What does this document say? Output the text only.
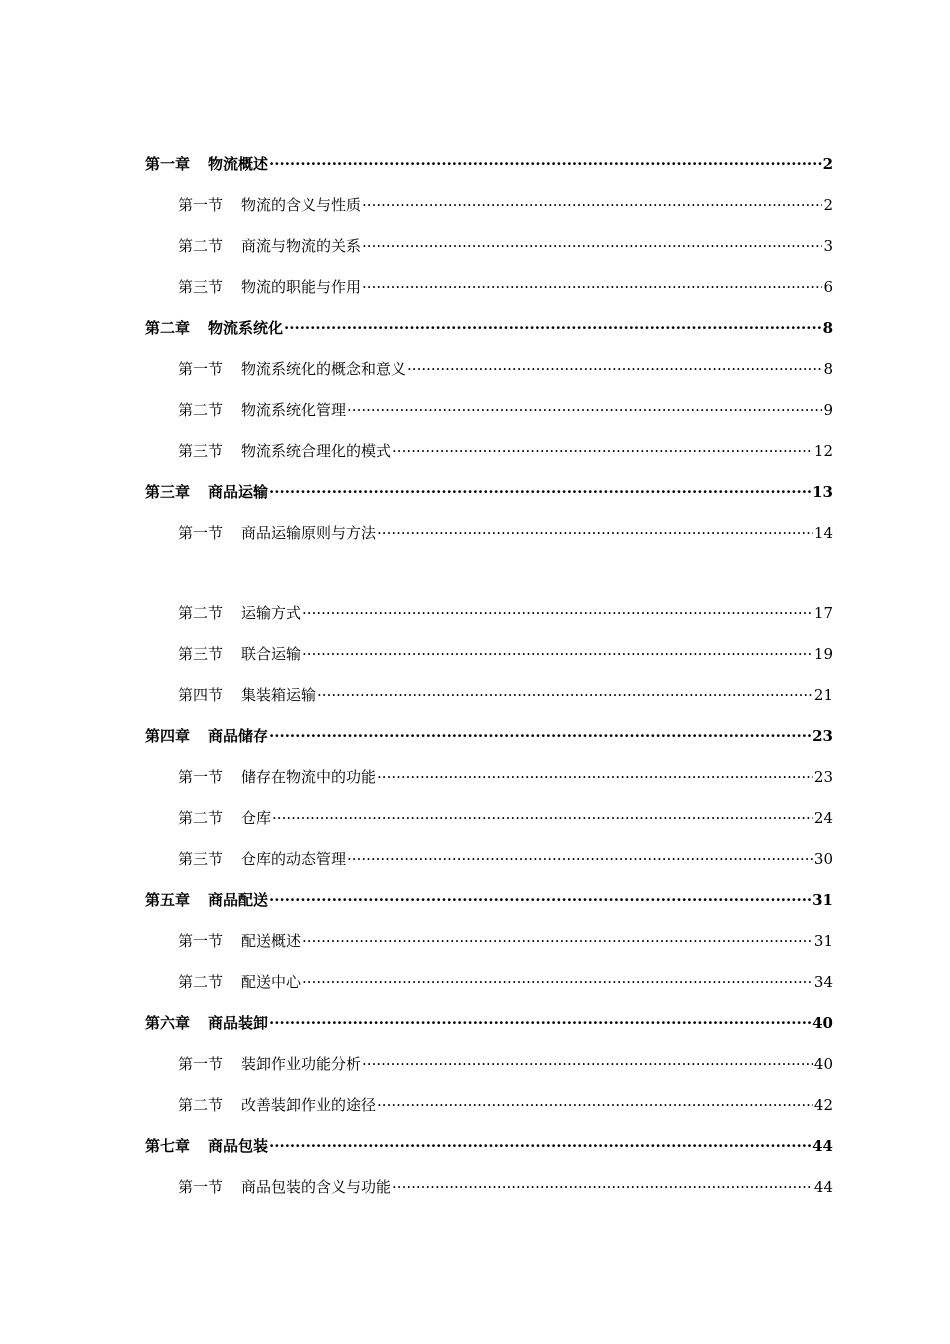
第一章 物流概述 ·····	2
第一节 物流的含义与性质 ·····	2
第二节 商流与物流的关系 ·····	3
第三节 物流的职能与作用 ·····	6
第二章 物流系统化 ·····	8
第一节 物流系统化的概念和意义 ·····	8
第二节 物流系统化管理 ·····	9
第三节 物流系统合理化的模式 ·····	12
第三章 商品运输 ·····	13
第一节 商品运输原则与方法 ·····	14
第二节 运输方式 ·····	17
第三节 联合运输 ·····	19
第四节 集装箱运输 ·····	21
第四章 商品储存 ·····	23
第一节 储存在物流中的功能 ·····	23
第二节 仓库 ·····	24
第三节 仓库的动态管理 ·····	30
第五章 商品配送 ·····	31
第一节 配送概述 ·····	31
第二节 配送中心 ·····	34
第六章 商品装卸 ·····	40
第一节 装卸作业功能分析 ·····	40
第二节 改善装卸作业的途径 ·····	42
第七章 商品包装 ·····	44
第一节 商品包装的含义与功能 ·····	44
